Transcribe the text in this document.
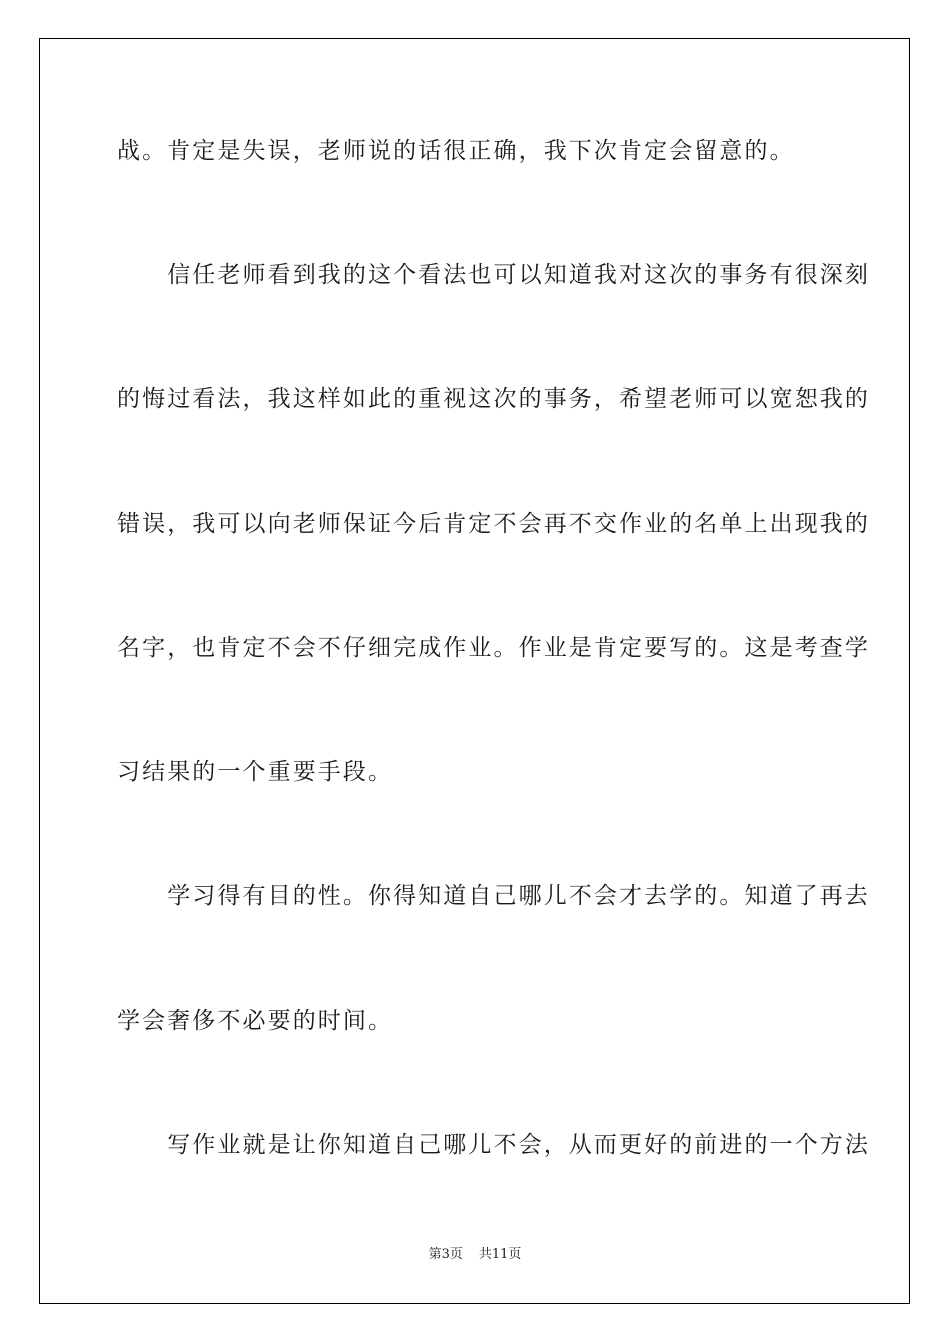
战。肯定是失误，老师说的话很正确，我下次肯定会留意的。
　　信任老师看到我的这个看法也可以知道我对这次的事务有很深刻
的悔过看法，我这样如此的重视这次的事务，希望老师可以宽恕我的
错误，我可以向老师保证今后肯定不会再不交作业的名单上出现我的
名字，也肯定不会不仔细完成作业。作业是肯定要写的。这是考查学
习结果的一个重要手段。
　　学习得有目的性。你得知道自己哪儿不会才去学的。知道了再去
学会奢侈不必要的时间。
　　写作业就是让你知道自己哪儿不会，从而更好的前进的一个方法
第3页 共11页
